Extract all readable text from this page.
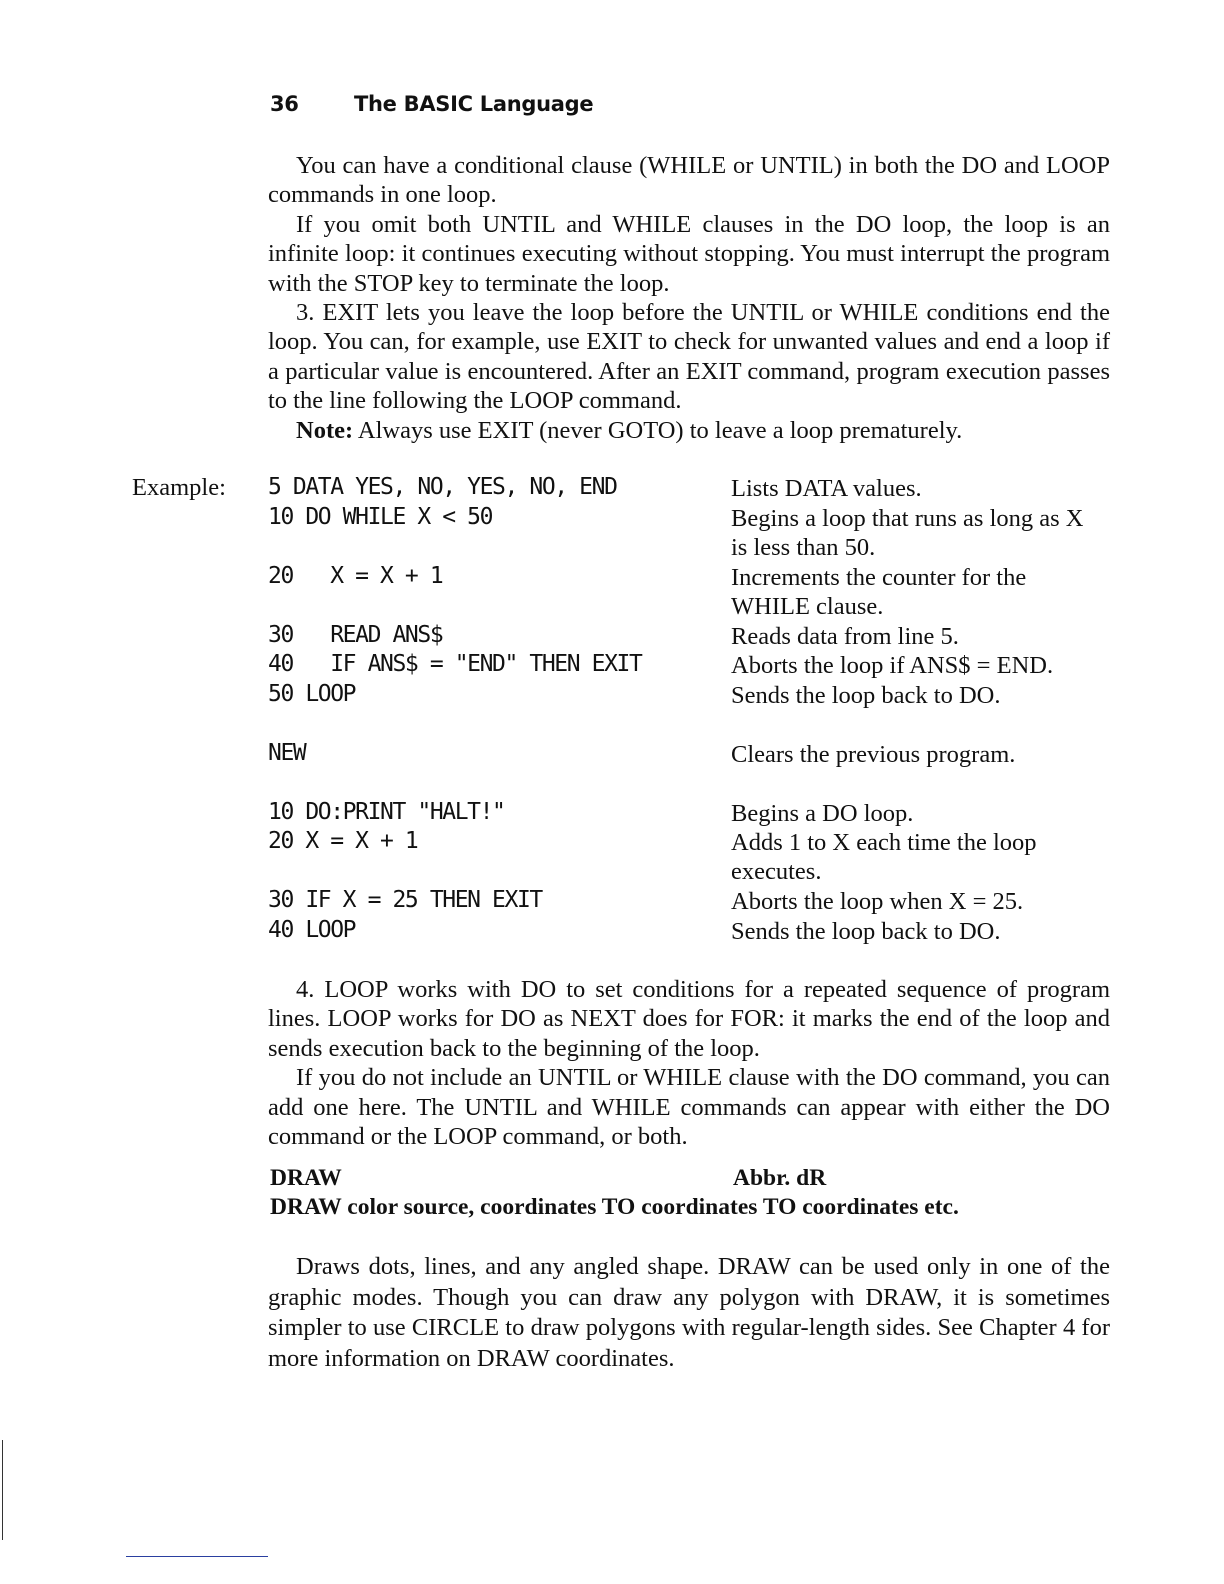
36	The BASIC Language

You can have a conditional clause (WHILE or UNTIL) in both the DO and LOOP commands in one loop.

If you omit both UNTIL and WHILE clauses in the DO loop, the loop is an infinite loop: it continues executing without stopping. You must interrupt the program with the STOP key to terminate the loop.

3. EXIT lets you leave the loop before the UNTIL or WHILE conditions end the loop. You can, for example, use EXIT to check for unwanted values and end a loop if a particular value is encountered. After an EXIT command, program execution passes to the line following the LOOP command.

Note: Always use EXIT (never GOTO) to leave a loop prematurely.

Example: 5 DATA YES, NO, YES, NO, END	Lists DATA values.
10 DO WHILE X < 50	Begins a loop that runs as long as X is less than 50.
20   X = X + 1	Increments the counter for the WHILE clause.
30   READ ANS$	Reads data from line 5.
40   IF ANS$ = "END" THEN EXIT	Aborts the loop if ANS$ = END.
50 LOOP	Sends the loop back to DO.
NEW	Clears the previous program.
10 DO:PRINT "HALT!"	Begins a DO loop.
20 X = X + 1	Adds 1 to X each time the loop executes.
30 IF X = 25 THEN EXIT	Aborts the loop when X = 25.
40 LOOP	Sends the loop back to DO.

4. LOOP works with DO to set conditions for a repeated sequence of program lines. LOOP works for DO as NEXT does for FOR: it marks the end of the loop and sends execution back to the beginning of the loop.

If you do not include an UNTIL or WHILE clause with the DO command, you can add one here. The UNTIL and WHILE commands can appear with either the DO command or the LOOP command, or both.

DRAW	Abbr. dR
DRAW color source, coordinates TO coordinates TO coordinates etc.

Draws dots, lines, and any angled shape. DRAW can be used only in one of the graphic modes. Though you can draw any polygon with DRAW, it is sometimes simpler to use CIRCLE to draw polygons with regular-length sides. See Chapter 4 for more information on DRAW coordinates.
